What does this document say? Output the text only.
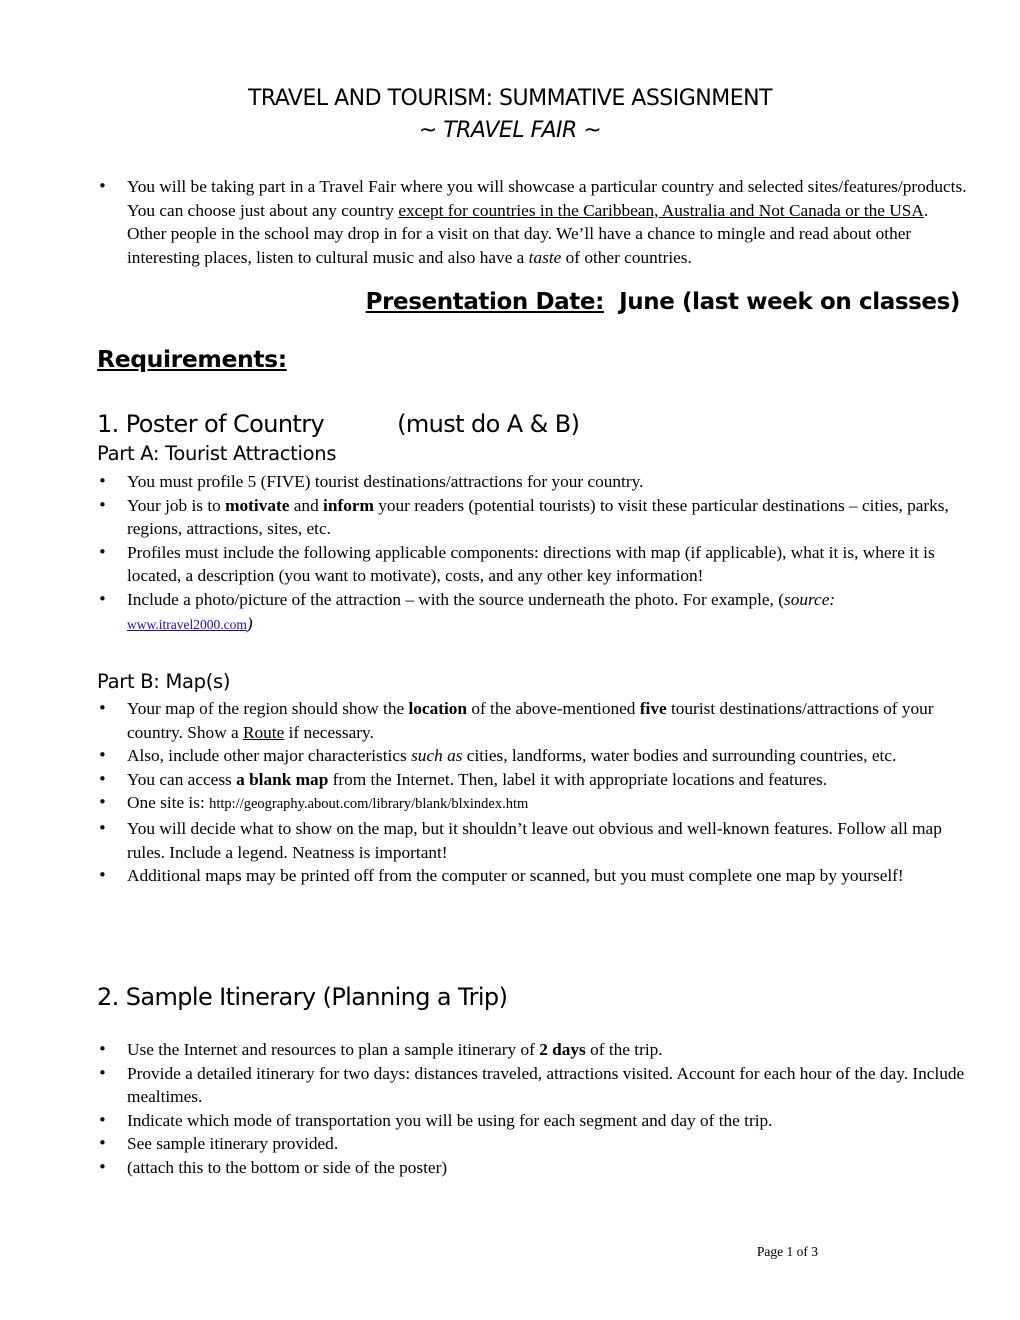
TRAVEL AND TOURISM: SUMMATIVE ASSIGNMENT
~ TRAVEL FAIR ~
• You will be taking part in a Travel Fair where you will showcase a particular country and selected sites/features/products. You can choose just about any country except for countries in the Caribbean, Australia and Not Canada or the USA. Other people in the school may drop in for a visit on that day. We’ll have a chance to mingle and read about other interesting places, listen to cultural music and also have a taste of other countries.
Presentation Date: June (last week on classes)
Requirements:
1. Poster of Country	(must do A & B)
Part A: Tourist Attractions
• You must profile 5 (FIVE) tourist destinations/attractions for your country.
• Your job is to motivate and inform your readers (potential tourists) to visit these particular destinations – cities, parks, regions, attractions, sites, etc.
• Profiles must include the following applicable components: directions with map (if applicable), what it is, where it is located, a description (you want to motivate), costs, and any other key information!
• Include a photo/picture of the attraction – with the source underneath the photo. For example, (source:
www.itravel2000.com)
Part B: Map(s)
• Your map of the region should show the location of the above-mentioned five tourist destinations/attractions of your country. Show a Route if necessary.
• Also, include other major characteristics such as cities, landforms, water bodies and surrounding countries, etc.
• You can access a blank map from the Internet. Then, label it with appropriate locations and features.
• One site is: http://geography.about.com/library/blank/blxindex.htm
• You will decide what to show on the map, but it shouldn’t leave out obvious and well-known features. Follow all map rules. Include a legend. Neatness is important!
• Additional maps may be printed off from the computer or scanned, but you must complete one map by yourself!
2. Sample Itinerary (Planning a Trip)
• Use the Internet and resources to plan a sample itinerary of 2 days of the trip.
• Provide a detailed itinerary for two days: distances traveled, attractions visited. Account for each hour of the day. Include mealtimes.
• Indicate which mode of transportation you will be using for each segment and day of the trip.
• See sample itinerary provided.
• (attach this to the bottom or side of the poster)
Page 1 of 3
